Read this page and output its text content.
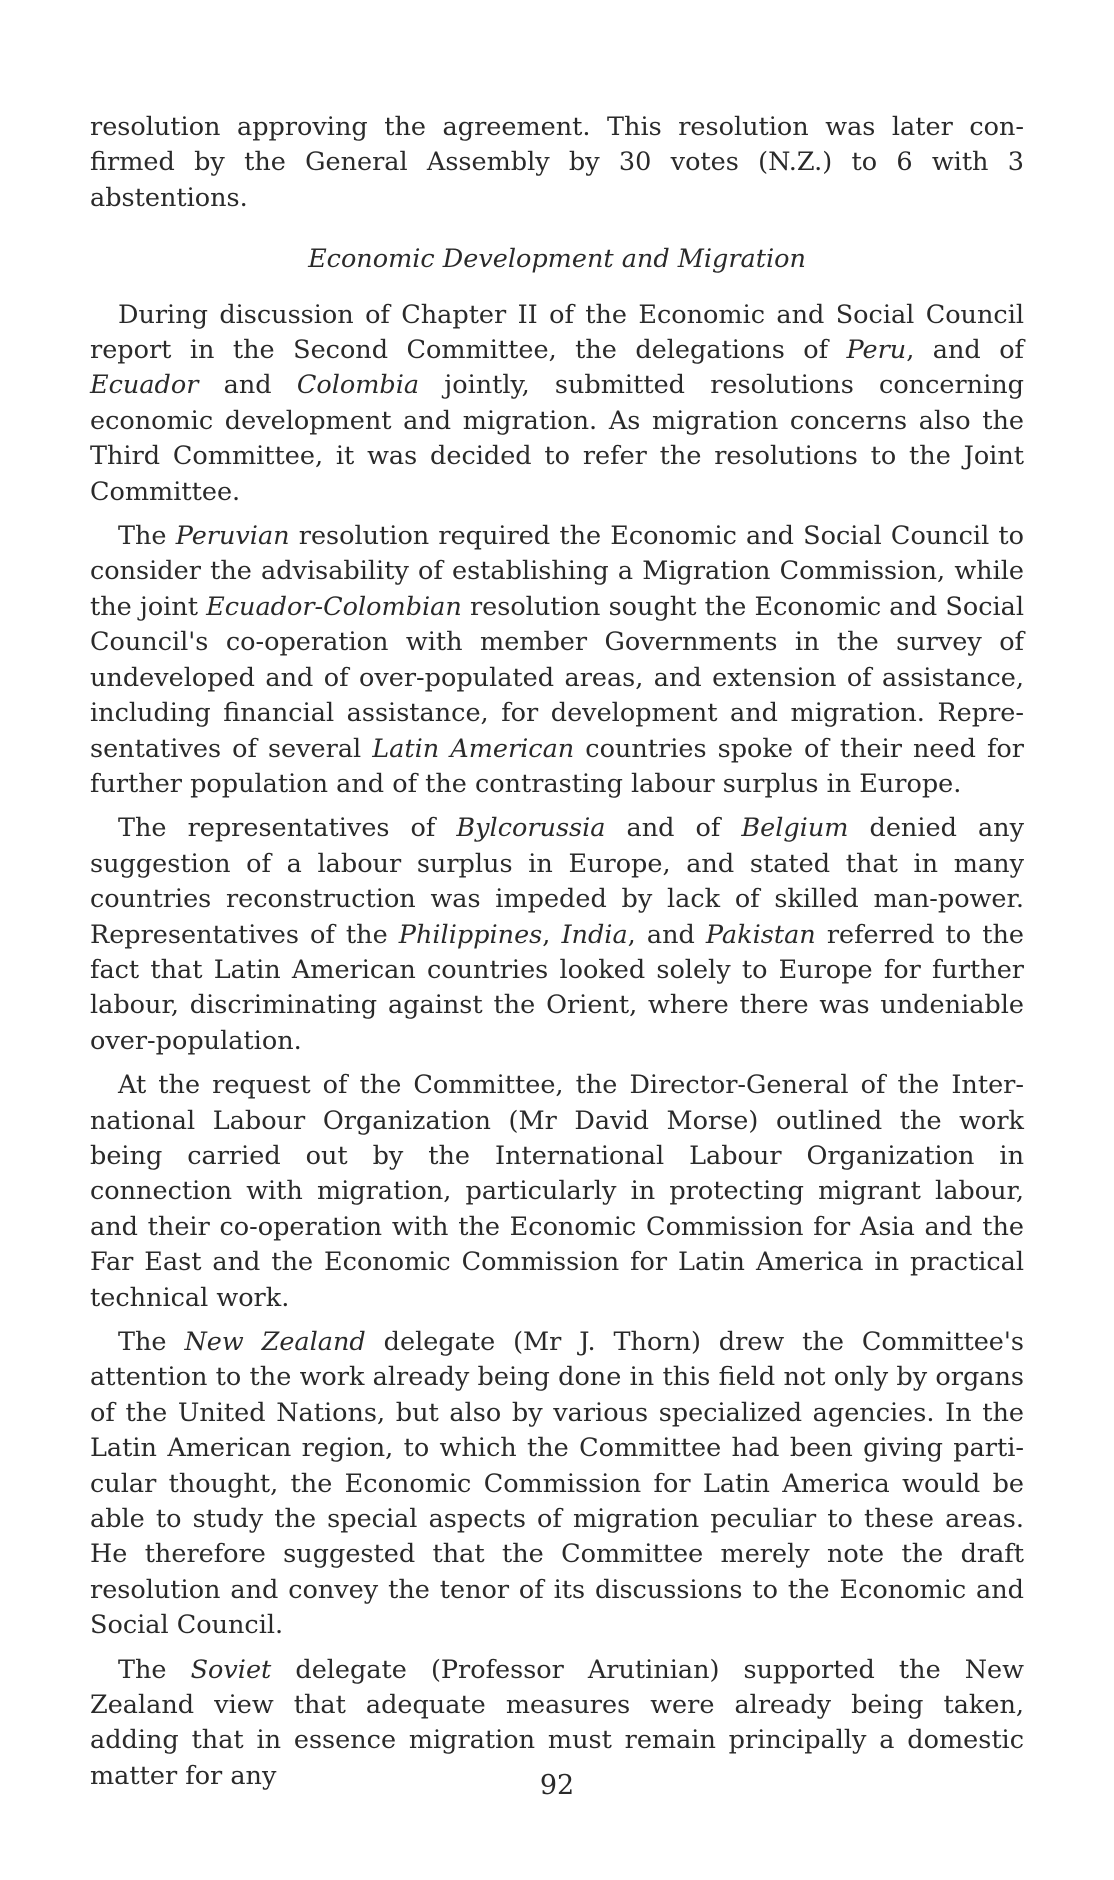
resolution approving the agreement. This resolution was later confirmed by the General Assembly by 30 votes (N.Z.) to 6 with 3 abstentions.

Economic Development and Migration

During discussion of Chapter II of the Economic and Social Council report in the Second Committee, the delegations of Peru, and of Ecuador and Colombia jointly, submitted resolutions concerning economic development and migration. As migration concerns also the Third Committee, it was decided to refer the resolutions to the Joint Committee.

The Peruvian resolution required the Economic and Social Council to consider the advisability of establishing a Migration Commission, while the joint Ecuador-Colombian resolution sought the Economic and Social Council's co-operation with member Governments in the survey of undeveloped and of over-populated areas, and extension of assistance, including financial assistance, for development and migration. Representatives of several Latin American countries spoke of their need for further population and of the contrasting labour surplus in Europe.

The representatives of Bylcorussia and of Belgium denied any suggestion of a labour surplus in Europe, and stated that in many countries reconstruction was impeded by lack of skilled man-power. Representatives of the Philippines, India, and Pakistan referred to the fact that Latin American countries looked solely to Europe for further labour, discriminating against the Orient, where there was undeniable over-population.

At the request of the Committee, the Director-General of the International Labour Organization (Mr David Morse) outlined the work being carried out by the International Labour Organization in connection with migration, particularly in protecting migrant labour, and their co-operation with the Economic Commission for Asia and the Far East and the Economic Commission for Latin America in practical technical work.

The New Zealand delegate (Mr J. Thorn) drew the Committee's attention to the work already being done in this field not only by organs of the United Nations, but also by various specialized agencies. In the Latin American region, to which the Committee had been giving particular thought, the Economic Commission for Latin America would be able to study the special aspects of migration peculiar to these areas. He therefore suggested that the Committee merely note the draft resolution and convey the tenor of its discussions to the Economic and Social Council.

The Soviet delegate (Professor Arutinian) supported the New Zealand view that adequate measures were already being taken, adding that in essence migration must remain principally a domestic matter for any	92
